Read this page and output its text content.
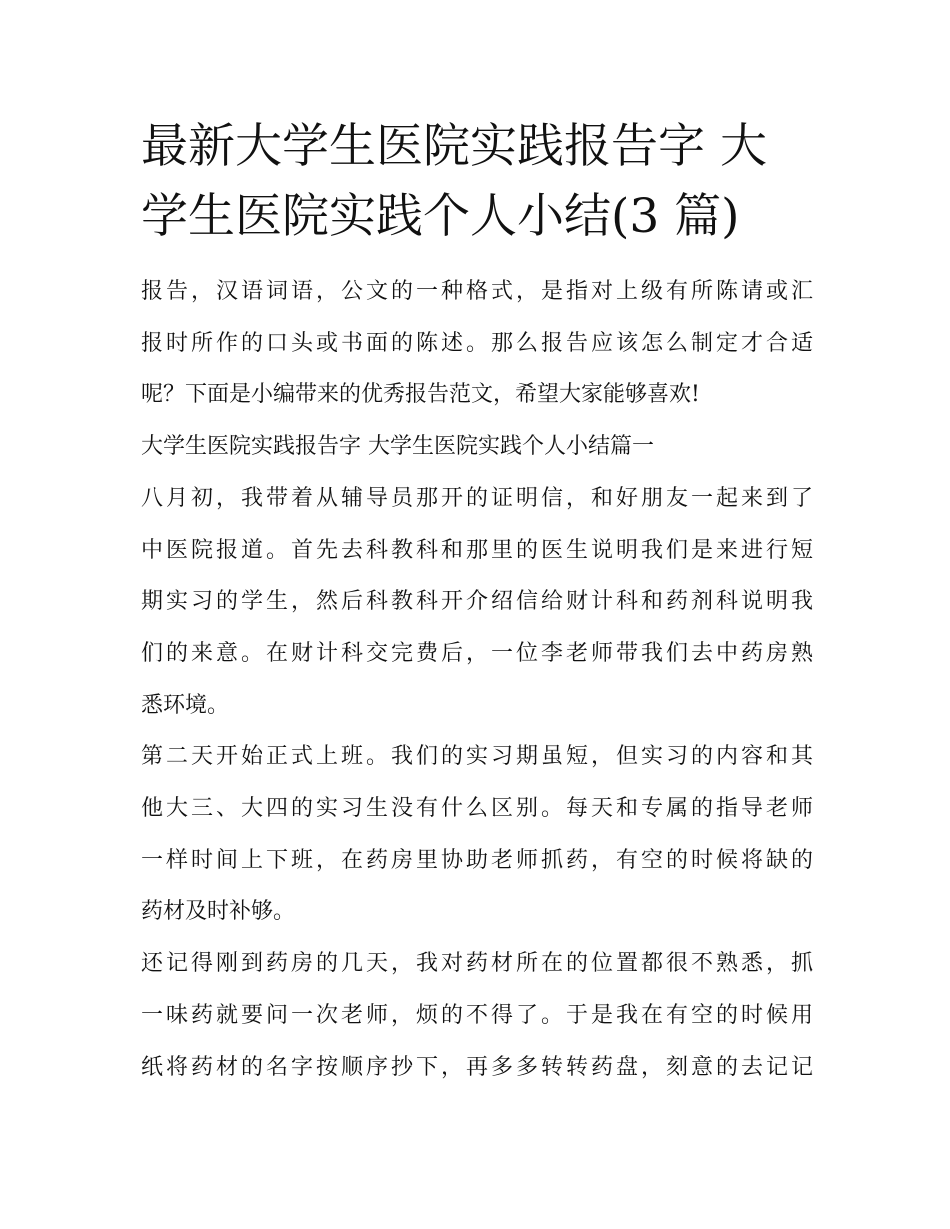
最新大学生医院实践报告字 大
学生医院实践个人小结(3 篇)

报告，汉语词语，公文的一种格式，是指对上级有所陈请或汇
报时所作的口头或书面的陈述。那么报告应该怎么制定才合适
呢？下面是小编带来的优秀报告范文，希望大家能够喜欢!

大学生医院实践报告字 大学生医院实践个人小结篇一

八月初，我带着从辅导员那开的证明信，和好朋友一起来到了
中医院报道。首先去科教科和那里的医生说明我们是来进行短
期实习的学生，然后科教科开介绍信给财计科和药剂科说明我
们的来意。在财计科交完费后，一位李老师带我们去中药房熟
悉环境。

第二天开始正式上班。我们的实习期虽短，但实习的内容和其
他大三、大四的实习生没有什么区别。每天和专属的指导老师
一样时间上下班，在药房里协助老师抓药，有空的时候将缺的
药材及时补够。

还记得刚到药房的几天，我对药材所在的位置都很不熟悉，抓
一味药就要问一次老师，烦的不得了。于是我在有空的时候用
纸将药材的名字按顺序抄下，再多多转转药盘，刻意的去记记
